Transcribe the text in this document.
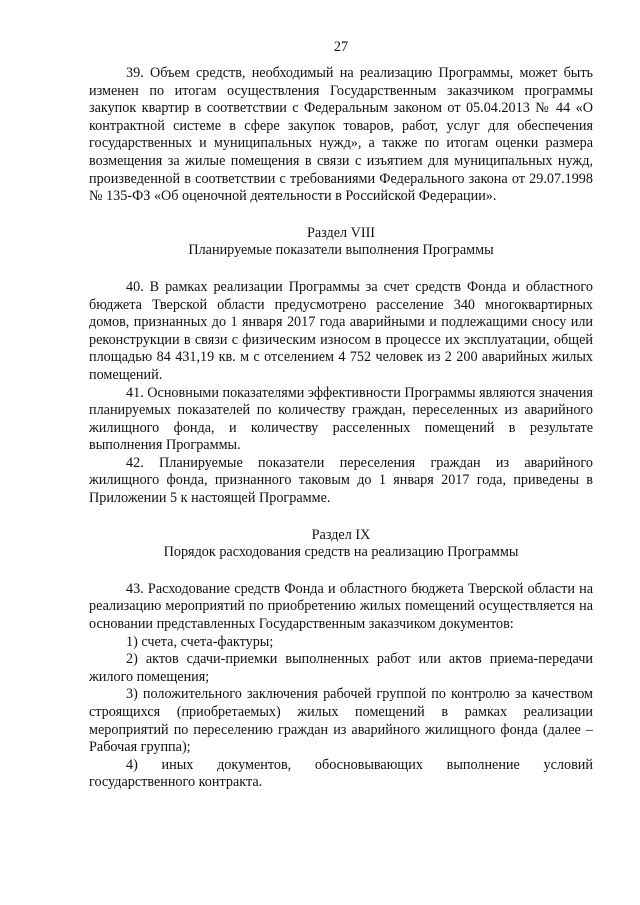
27

39. Объем средств, необходимый на реализацию Программы, может быть изменен по итогам осуществления Государственным заказчиком программы закупок квартир в соответствии с Федеральным законом от 05.04.2013 № 44 «О контрактной системе в сфере закупок товаров, работ, услуг для обеспечения государственных и муниципальных нужд», а также по итогам оценки размера возмещения за жилые помещения в связи с изъятием для муниципальных нужд, произведенной в соответствии с требованиями Федерального закона от 29.07.1998 № 135-ФЗ «Об оценочной деятельности в Российской Федерации».

Раздел VIII
Планируемые показатели выполнения Программы

40. В рамках реализации Программы за счет средств Фонда и областного бюджета Тверской области предусмотрено расселение 340 многоквартирных домов, признанных до 1 января 2017 года аварийными и подлежащими сносу или реконструкции в связи с физическим износом в процессе их эксплуатации, общей площадью 84 431,19 кв. м с отселением 4 752 человек из 2 200 аварийных жилых помещений.

41. Основными показателями эффективности Программы являются значения планируемых показателей по количеству граждан, переселенных из аварийного жилищного фонда, и количеству расселенных помещений в результате выполнения Программы.

42. Планируемые показатели переселения граждан из аварийного жилищного фонда, признанного таковым до 1 января 2017 года, приведены в Приложении 5 к настоящей Программе.

Раздел IX
Порядок расходования средств на реализацию Программы

43. Расходование средств Фонда и областного бюджета Тверской области на реализацию мероприятий по приобретению жилых помещений осуществляется на основании представленных Государственным заказчиком документов:

1) счета, счета-фактуры;

2) актов сдачи-приемки выполненных работ или актов приема-передачи жилого помещения;

3) положительного заключения рабочей группой по контролю за качеством строящихся (приобретаемых) жилых помещений в рамках реализации мероприятий по переселению граждан из аварийного жилищного фонда (далее – Рабочая группа);

4) иных документов, обосновывающих выполнение условий государственного контракта.
